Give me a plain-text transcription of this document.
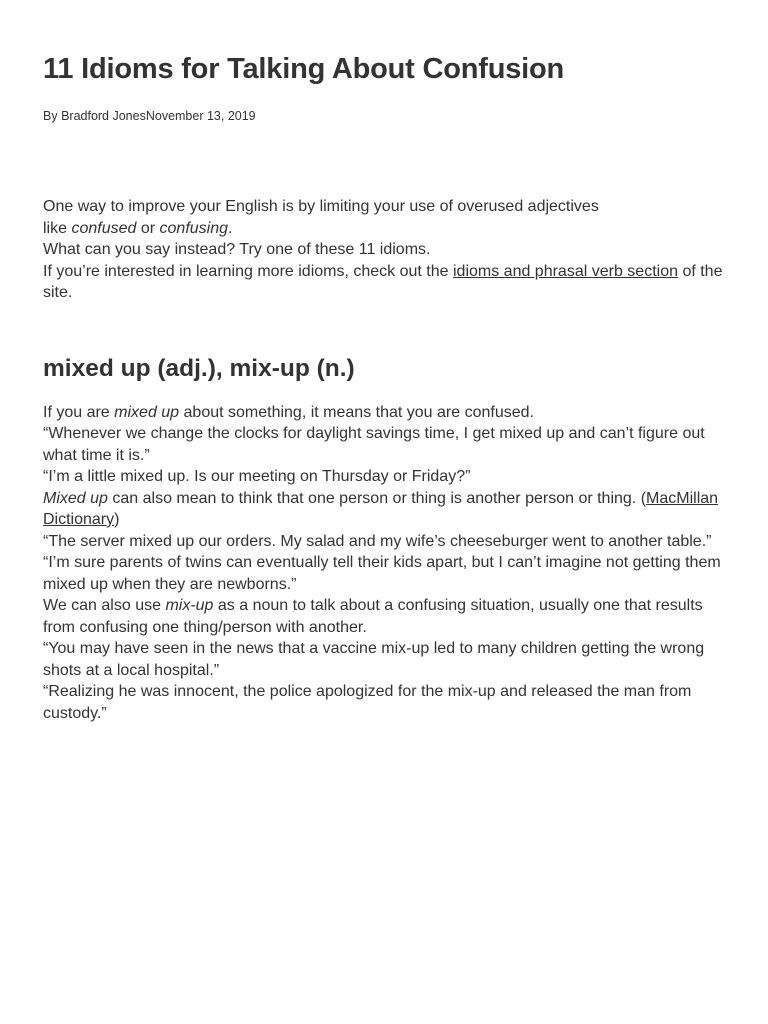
11 Idioms for Talking About Confusion
By Bradford JonesNovember 13, 2019

One way to improve your English is by limiting your use of overused adjectives

like confused or confusing.

What can you say instead? Try one of these 11 idioms.

If you’re interested in learning more idioms, check out the idioms and phrasal verb section of the site.

mixed up (adj.), mix-up (n.)

If you are mixed up about something, it means that you are confused.

“Whenever we change the clocks for daylight savings time, I get mixed up and can’t figure out what time it is.”

“I’m a little mixed up. Is our meeting on Thursday or Friday?”

Mixed up can also mean to think that one person or thing is another person or thing. (MacMillan Dictionary)

“The server mixed up our orders. My salad and my wife’s cheeseburger went to another table.”

“I’m sure parents of twins can eventually tell their kids apart, but I can’t imagine not getting them mixed up when they are newborns.”

We can also use mix-up as a noun to talk about a confusing situation, usually one that results from confusing one thing/person with another.

“You may have seen in the news that a vaccine mix-up led to many children getting the wrong shots at a local hospital.”

“Realizing he was innocent, the police apologized for the mix-up and released the man from custody.”
